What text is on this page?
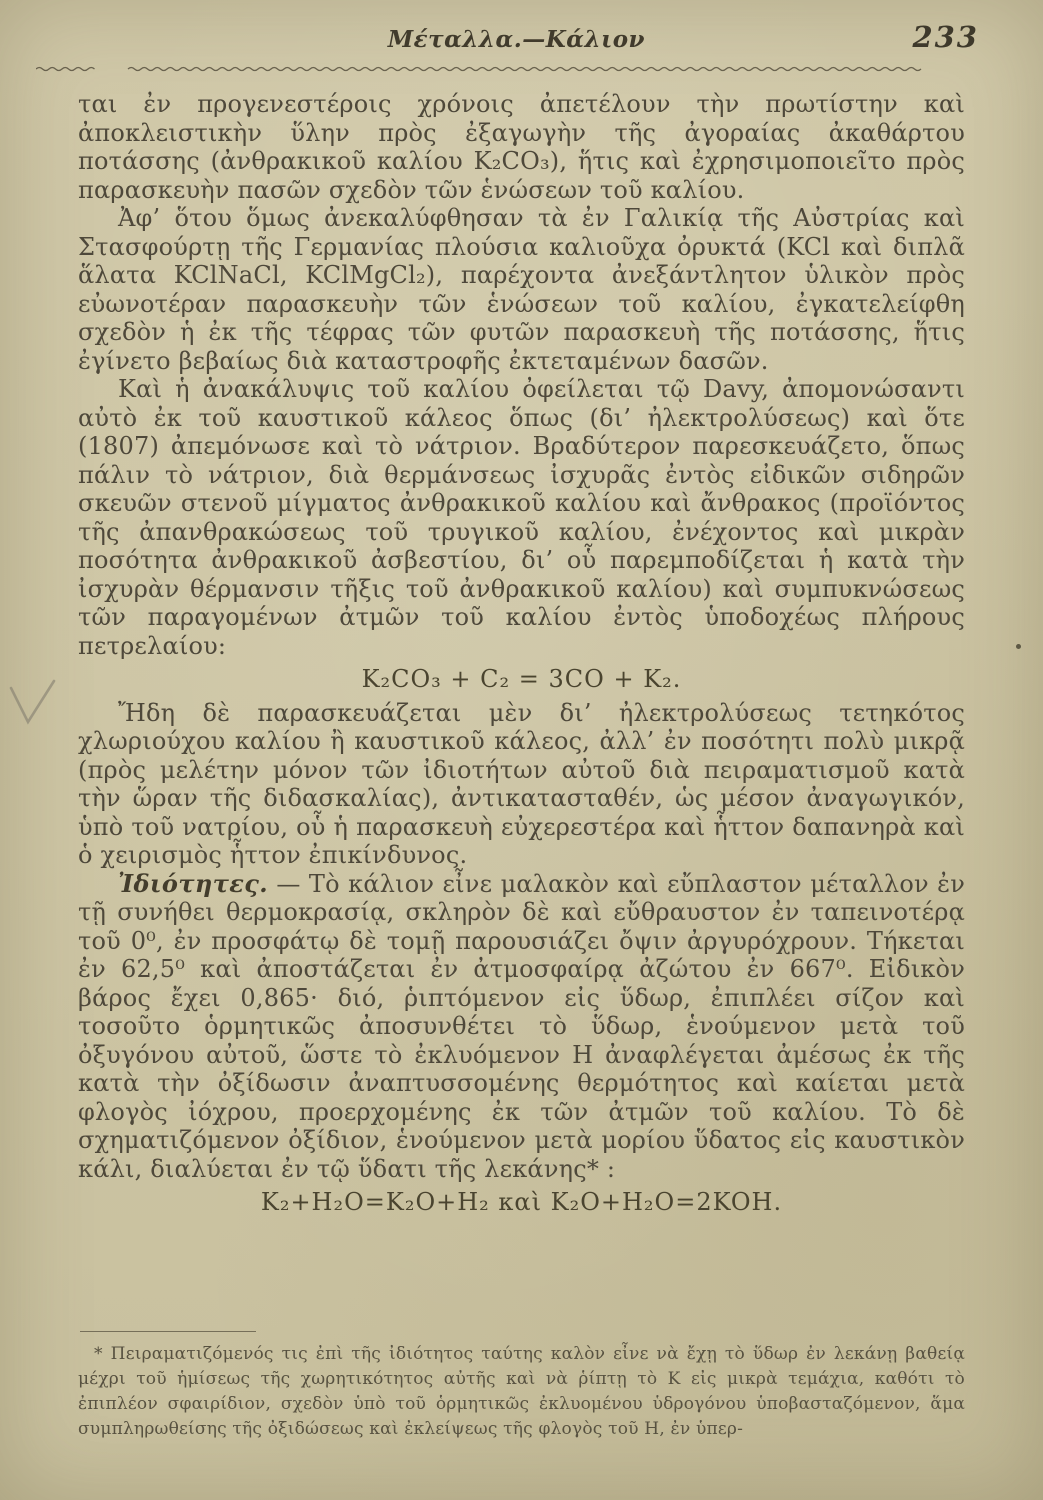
Μέταλλα.—Κάλιον	233

ται ἐν προγενεστέροις χρόνοις ἀπετέλουν τὴν πρωτίστην καὶ ἀποκλειστικὴν ὕλην πρὸς ἐξαγωγὴν τῆς ἀγοραίας ἀκαθάρτου ποτάσσης (ἀνθρακικοῦ καλίου K₂CO₃), ἥτις καὶ ἐχρησιμοποιεῖτο πρὸς παρασκευὴν πασῶν σχεδὸν τῶν ἑνώσεων τοῦ καλίου.

Ἀφ’ ὅτου ὅμως ἀνεκαλύφθησαν τὰ ἐν Γαλικίᾳ τῆς Αὐστρίας καὶ Στασφούρτῃ τῆς Γερμανίας πλούσια καλιοῦχα ὀρυκτά (KCl καὶ διπλᾶ ἅλατα KClNaCl, KClMgCl₂), παρέχοντα ἀνεξάντλητον ὑλικὸν πρὸς εὐωνοτέραν παρασκευὴν τῶν ἑνώσεων τοῦ καλίου, ἐγκατελείφθη σχεδὸν ἡ ἐκ τῆς τέφρας τῶν φυτῶν παρασκευὴ τῆς ποτάσσης, ἥτις ἐγίνετο βεβαίως διὰ καταστροφῆς ἐκτεταμένων δασῶν.

Καὶ ἡ ἀνακάλυψις τοῦ καλίου ὀφείλεται τῷ Davy, ἀπομονώσαντι αὐτὸ ἐκ τοῦ καυστικοῦ κάλεος ὅπως (δι’ ἠλεκτρολύσεως) καὶ ὅτε (1807) ἀπεμόνωσε καὶ τὸ νάτριον. Βραδύτερον παρεσκευάζετο, ὅπως πάλιν τὸ νάτριον, διὰ θερμάνσεως ἰσχυρᾶς ἐντὸς εἰδικῶν σιδηρῶν σκευῶν στενοῦ μίγματος ἀνθρακικοῦ καλίου καὶ ἄνθρακος (προϊόντος τῆς ἀπανθρακώσεως τοῦ τρυγικοῦ καλίου, ἐνέχοντος καὶ μικρὰν ποσότητα ἀνθρακικοῦ ἀσβεστίου, δι’ οὗ παρεμποδίζεται ἡ κατὰ τὴν ἰσχυρὰν θέρμανσιν τῆξις τοῦ ἀνθρακικοῦ καλίου) καὶ συμπυκνώσεως τῶν παραγομένων ἀτμῶν τοῦ καλίου ἐντὸς ὑποδοχέως πλήρους πετρελαίου:

K₂CO₃ + C₂ = 3CO + K₂.

Ἤδη δὲ παρασκευάζεται μὲν δι’ ἠλεκτρολύσεως τετηκότος χλωριούχου καλίου ἢ καυστικοῦ κάλεος, ἀλλ’ ἐν ποσότητι πολὺ μικρᾷ (πρὸς μελέτην μόνον τῶν ἰδιοτήτων αὐτοῦ διὰ πειραματισμοῦ κατὰ τὴν ὥραν τῆς διδασκαλίας), ἀντικατασταθέν, ὡς μέσον ἀναγωγικόν, ὑπὸ τοῦ νατρίου, οὗ ἡ παρασκευὴ εὐχερεστέρα καὶ ἧττον δαπανηρὰ καὶ ὁ χειρισμὸς ἧττον ἐπικίνδυνος.

Ἰδιότητες. — Τὸ κάλιον εἶνε μαλακὸν καὶ εὔπλαστον μέταλλον ἐν τῇ συνήθει θερμοκρασίᾳ, σκληρὸν δὲ καὶ εὔθραυστον ἐν ταπεινοτέρᾳ τοῦ 0⁰, ἐν προσφάτῳ δὲ τομῇ παρουσιάζει ὄψιν ἀργυρόχρουν. Τήκεται ἐν 62,5⁰ καὶ ἀποστάζεται ἐν ἀτμοσφαίρᾳ ἀζώτου ἐν 667⁰. Εἰδικὸν βάρος ἔχει 0,865· διό, ῥιπτόμενον εἰς ὕδωρ, ἐπιπλέει σίζον καὶ τοσοῦτο ὁρμητικῶς ἀποσυνθέτει τὸ ὕδωρ, ἑνούμενον μετὰ τοῦ ὀξυγόνου αὐτοῦ, ὥστε τὸ ἐκλυόμενον H ἀναφλέγεται ἀμέσως ἐκ τῆς κατὰ τὴν ὀξίδωσιν ἀναπτυσσομένης θερμότητος καὶ καίεται μετὰ φλογὸς ἰόχρου, προερχομένης ἐκ τῶν ἀτμῶν τοῦ καλίου. Τὸ δὲ σχηματιζόμενον ὀξίδιον, ἑνούμενον μετὰ μορίου ὕδατος εἰς καυστικὸν κάλι, διαλύεται ἐν τῷ ὕδατι τῆς λεκάνης* :

K₂+H₂O=K₂O+H₂ καὶ K₂O+H₂O=2KOH.

* Πειραματιζόμενός τις ἐπὶ τῆς ἰδιότητος ταύτης καλὸν εἶνε νὰ ἔχῃ τὸ ὕδωρ ἐν λεκάνῃ βαθείᾳ μέχρι τοῦ ἡμίσεως τῆς χωρητικότητος αὐτῆς καὶ νὰ ῥίπτῃ τὸ K εἰς μικρὰ τεμάχια, καθότι τὸ ἐπιπλέον σφαιρίδιον, σχεδὸν ὑπὸ τοῦ ὁρμητικῶς ἐκλυομένου ὑδρογόνου ὑποβασταζόμενον, ἅμα συμπληρωθείσης τῆς ὀξιδώσεως καὶ ἐκλείψεως τῆς φλογὸς τοῦ H, ἐν ὑπερ-
